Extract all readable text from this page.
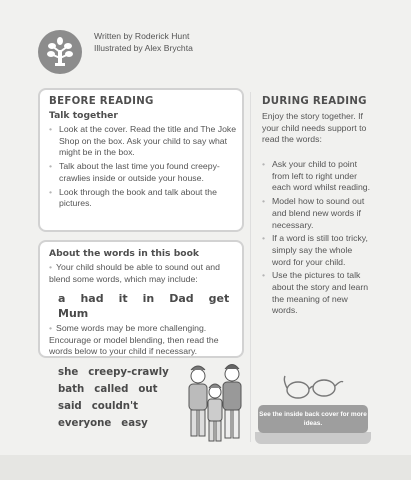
Written by Roderick Hunt
Illustrated by Alex Brychta
BEFORE READING
Talk together
• Look at the cover. Read the title and The Joke Shop on the box. Ask your child to say what might be in the box.
• Talk about the last time you found creepy-crawlies inside or outside your house.
• Look through the book and talk about the pictures.
About the words in this book
• Your child should be able to sound out and blend some words, which may include:
a had it in Dad get
Mum
• Some words may be more challenging. Encourage or model blending, then read the words below to your child if necessary.
she creepy-crawly
bath called out
said couldn't
everyone easy
DURING READING
Enjoy the story together. If your child needs support to read the words:
• Ask your child to point from left to right under each word whilst reading.
• Model how to sound out and blend new words if necessary.
• If a word is still too tricky, simply say the whole word for your child.
• Use the pictures to talk about the story and learn the meaning of new words.
See the inside back cover for more ideas.
